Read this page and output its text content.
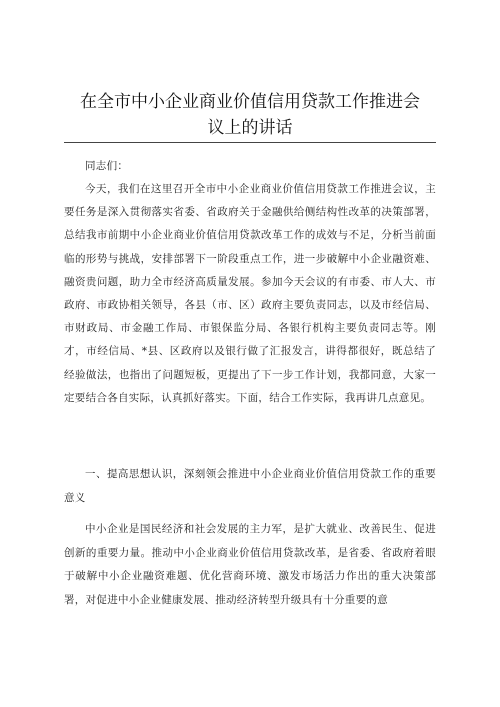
在全市中小企业商业价值信用贷款工作推进会
议上的讲话

同志们：

今天，我们在这里召开全市中小企业商业价值信用贷款工作推进会议，主要任务是深入贯彻落实省委、省政府关于金融供给侧结构性改革的决策部署，总结我市前期中小企业商业价值信用贷款改革工作的成效与不足，分析当前面临的形势与挑战，安排部署下一阶段重点工作，进一步破解中小企业融资难、融资贵问题，助力全市经济高质量发展。参加今天会议的有市委、市人大、市政府、市政协相关领导，各县（市、区）政府主要负责同志，以及市经信局、市财政局、市金融工作局、市银保监分局、各银行机构主要负责同志等。刚才，市经信局、*县、区政府以及银行做了汇报发言，讲得都很好，既总结了经验做法，也指出了问题短板，更提出了下一步工作计划，我都同意，大家一定要结合各自实际，认真抓好落实。下面，结合工作实际，我再讲几点意见。

一、提高思想认识，深刻领会推进中小企业商业价值信用贷款工作的重要意义

中小企业是国民经济和社会发展的主力军，是扩大就业、改善民生、促进创新的重要力量。推动中小企业商业价值信用贷款改革，是省委、省政府着眼于破解中小企业融资难题、优化营商环境、激发市场活力作出的重大决策部署，对促进中小企业健康发展、推动经济转型升级具有十分重要的意
